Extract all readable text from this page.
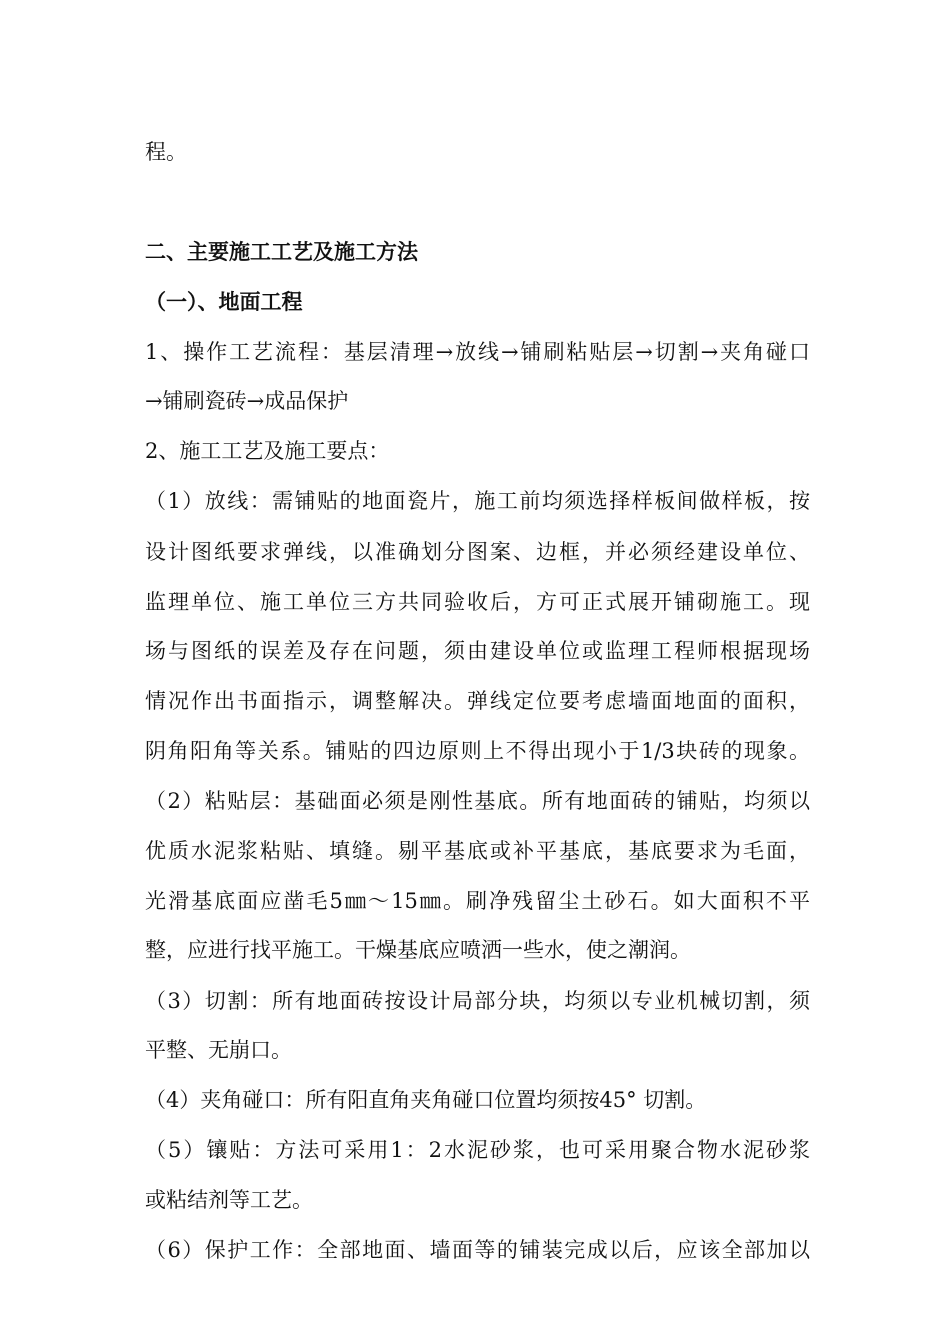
程。
二、主要施工工艺及施工方法
（一）、地面工程
1、操作工艺流程：基层清理→放线→铺刷粘贴层→切割→夹角碰口
→铺刷瓷砖→成品保护
2、施工工艺及施工要点：
（1）放线：需铺贴的地面瓷片，施工前均须选择样板间做样板，按
设计图纸要求弹线，以准确划分图案、边框，并必须经建设单位、
监理单位、施工单位三方共同验收后，方可正式展开铺砌施工。现
场与图纸的误差及存在问题，须由建设单位或监理工程师根据现场
情况作出书面指示，调整解决。弹线定位要考虑墙面地面的面积，
阴角阳角等关系。铺贴的四边原则上不得出现小于1/3块砖的现象。
（2）粘贴层：基础面必须是刚性基底。所有地面砖的铺贴，均须以
优质水泥浆粘贴、填缝。剔平基底或补平基底，基底要求为毛面，
光滑基底面应凿毛5㎜～15㎜。刷净残留尘土砂石。如大面积不平
整，应进行找平施工。干燥基底应喷洒一些水，使之潮润。
（3）切割：所有地面砖按设计局部分块，均须以专业机械切割，须
平整、无崩口。
（4）夹角碰口：所有阳直角夹角碰口位置均须按45° 切割。
（5）镶贴：方法可采用1：2水泥砂浆，也可采用聚合物水泥砂浆
或粘结剂等工艺。
（6）保护工作：全部地面、墙面等的铺装完成以后，应该全部加以
